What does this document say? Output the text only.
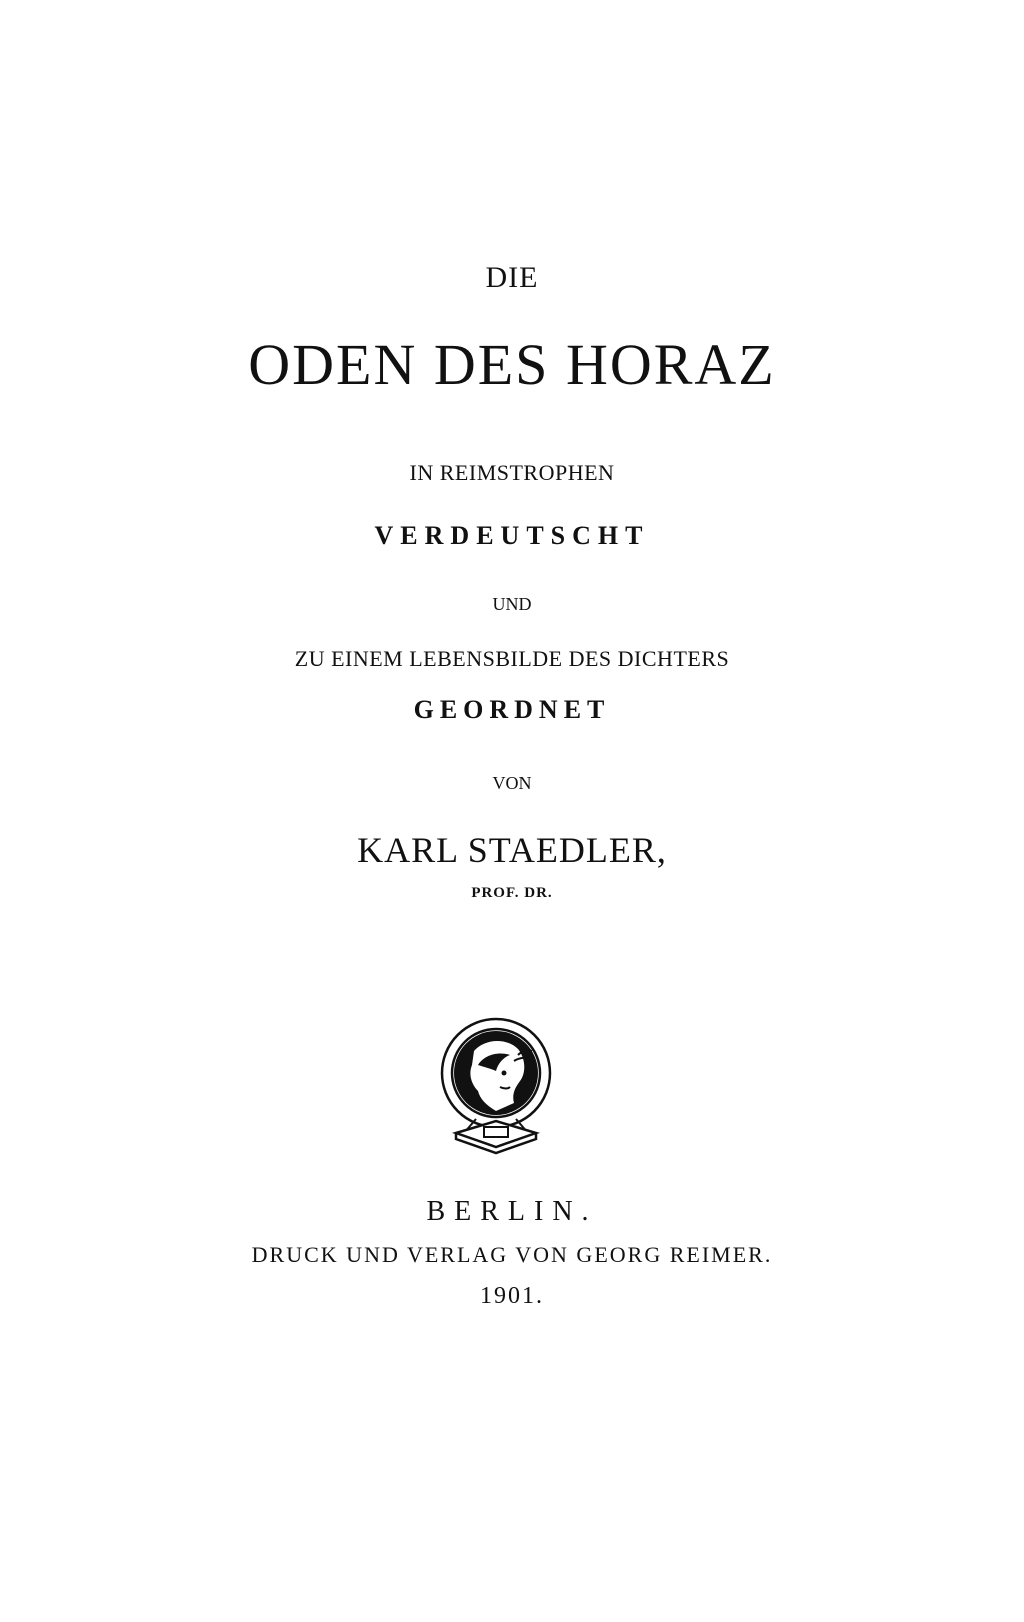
DIE
ODEN DES HORAZ
IN REIMSTROPHEN
VERDEUTSCHT
UND
ZU EINEM LEBENSBILDE DES DICHTERS
GEORDNET
VON
KARL STAEDLER,
PROF. DR.
BERLIN.
DRUCK UND VERLAG VON GEORG REIMER.
1901.
